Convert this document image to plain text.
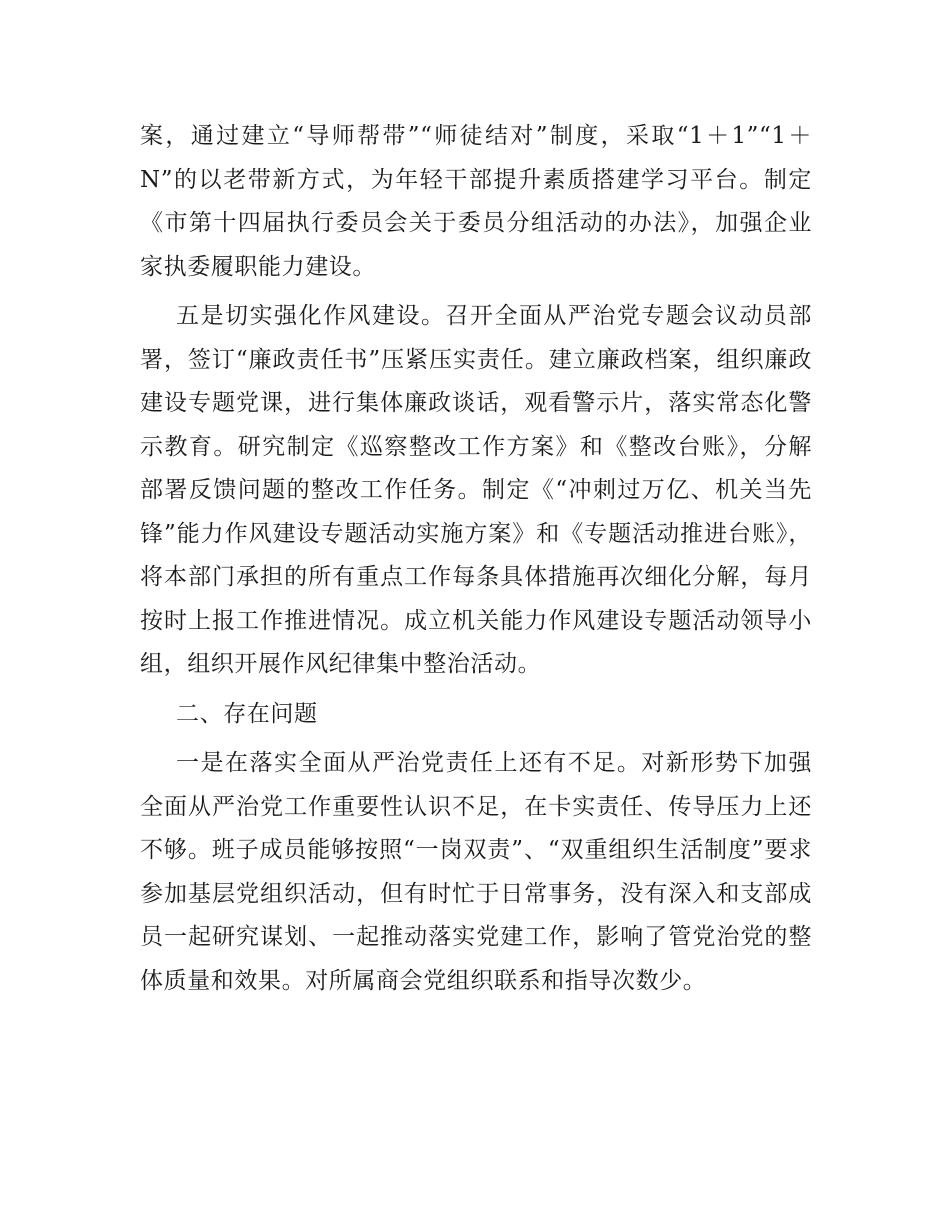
案，通过建立“导师帮带”“师徒结对”制度，采取“1＋1”“1＋N”的以老带新方式，为年轻干部提升素质搭建学习平台。制定《市第十四届执行委员会关于委员分组活动的办法》，加强企业家执委履职能力建设。

五是切实强化作风建设。召开全面从严治党专题会议动员部署，签订“廉政责任书”压紧压实责任。建立廉政档案，组织廉政建设专题党课，进行集体廉政谈话，观看警示片，落实常态化警示教育。研究制定《巡察整改工作方案》和《整改台账》，分解部署反馈问题的整改工作任务。制定《“冲刺过万亿、机关当先锋”能力作风建设专题活动实施方案》和《专题活动推进台账》，将本部门承担的所有重点工作每条具体措施再次细化分解，每月按时上报工作推进情况。成立机关能力作风建设专题活动领导小组，组织开展作风纪律集中整治活动。

二、存在问题

一是在落实全面从严治党责任上还有不足。对新形势下加强全面从严治党工作重要性认识不足，在卡实责任、传导压力上还不够。班子成员能够按照“一岗双责”、“双重组织生活制度”要求参加基层党组织活动，但有时忙于日常事务，没有深入和支部成员一起研究谋划、一起推动落实党建工作，影响了管党治党的整体质量和效果。对所属商会党组织联系和指导次数少。
